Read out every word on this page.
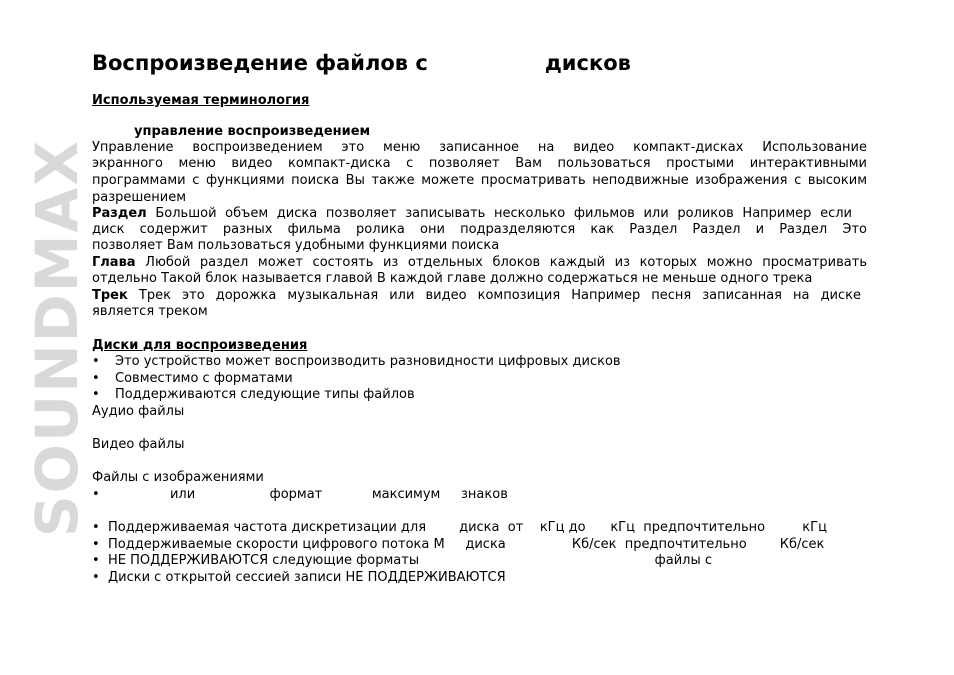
SOUNDMAX
Воспроизведение файлов с                дисков
Используемая терминология
управление воспроизведением
Управление воспроизведением это меню записанное на видео компакт-дисках Использование
экранного меню видео компакт-диска с позволяет Вам пользоваться простыми интерактивными
программами с функциями поиска Вы также можете просматривать неподвижные изображения с высоким
разрешением
Раздел Большой объем диска позволяет записывать несколько фильмов или роликов Например если
диск содержит разных фильма ролика они подразделяются как Раздел Раздел и Раздел Это
позволяет Вам пользоваться удобными функциями поиска
Глава Любой раздел может состоять из отдельных блоков каждый из которых можно просматривать
отдельно Такой блок называется главой В каждой главе должно содержаться не меньше одного трека
Трек Трек это дорожка музыкальная или видео композиция Например песня записанная на диске
является треком
Диски для воспроизведения
• Это устройство может воспроизводить разновидности цифровых дисков
• Совместимо с форматами
• Поддерживаются следующие типы файлов
Аудио файлы
Видео файлы
Файлы с изображениями
•               или                  формат            максимум     знаков
• Поддерживаемая частота дискретизации для        диска  от    кГц до      кГц  предпочтительно         кГц
• Поддерживаемые скорости цифрового потока М     диска                Кб/сек  предпочтительно        Кб/сек
• НЕ ПОДДЕРЖИВАЮТСЯ следующие форматы                                                         файлы с
• Диски с открытой сессией записи НЕ ПОДДЕРЖИВАЮТСЯ
